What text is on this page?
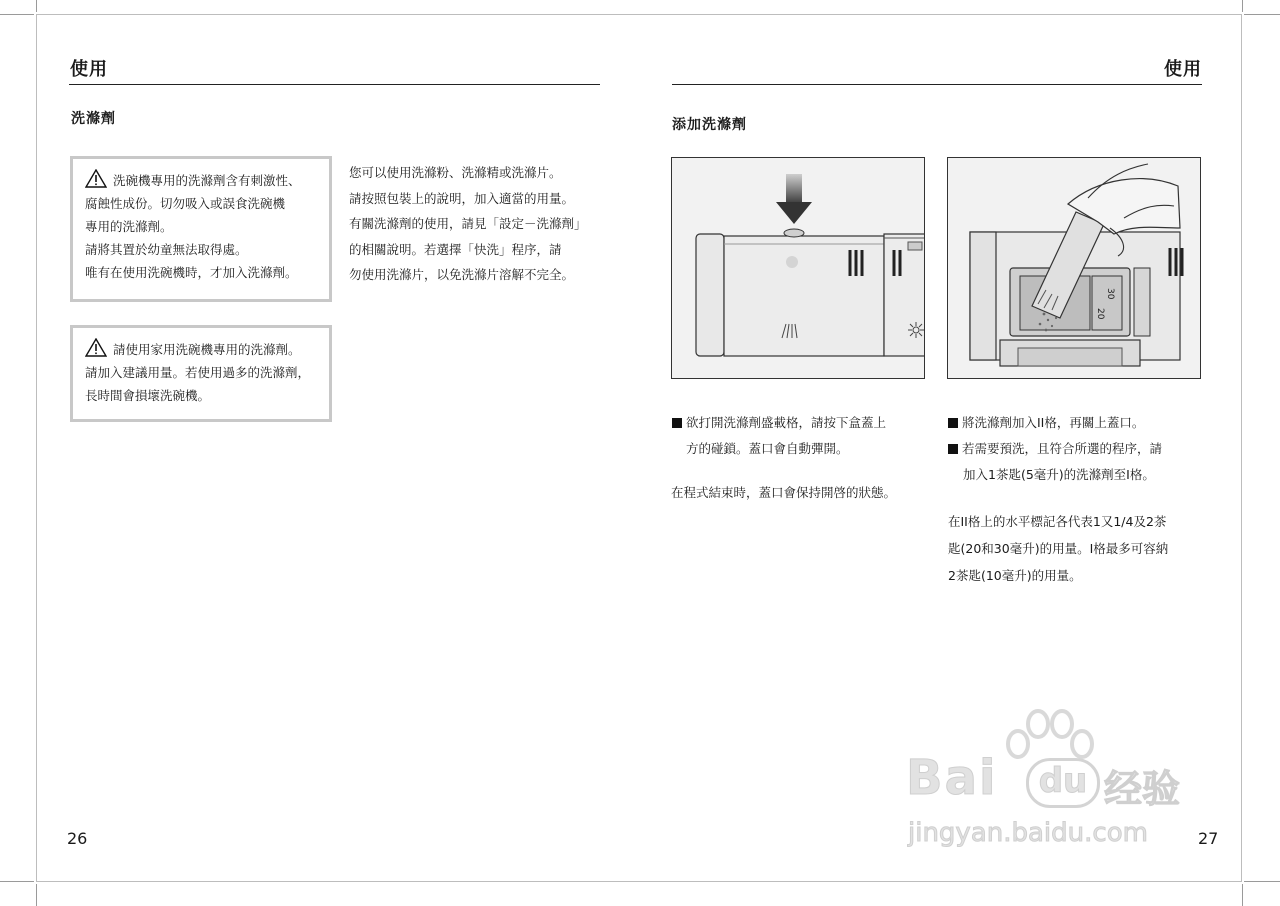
使用
洗滌劑

洗碗機專用的洗滌劑含有刺激性、

腐蝕性成份。切勿吸入或誤食洗碗機

專用的洗滌劑。

請將其置於幼童無法取得處。

唯有在使用洗碗機時，才加入洗滌劑。

請使用家用洗碗機專用的洗滌劑。

請加入建議用量。若使用過多的洗滌劑，

長時間會損壞洗碗機。

您可以使用洗滌粉、洗滌精或洗滌片。

請按照包裝上的說明，加入適當的用量。

有關洗滌劑的使用，請見「設定－洗滌劑」

的相關說明。若選擇「快洗」程序，請

勿使用洗滌片，以免洗滌片溶解不完全。

26
使用
添加洗滌劑
20
30

欲打開洗滌劑盛載格，請按下盒蓋上

方的碰鎖。蓋口會自動彈開。

在程式結束時，蓋口會保持開啓的狀態。

將洗滌劑加入II格，再關上蓋口。

若需要預洗，且符合所選的程序，請

加入1茶匙(5毫升)的洗滌劑至I格。

在II格上的水平標記各代表1又1/4及2茶

匙(20和30毫升)的用量。I格最多可容納

2茶匙(10毫升)的用量。

Bai	du 经验
jingyan.baidu.com	27
